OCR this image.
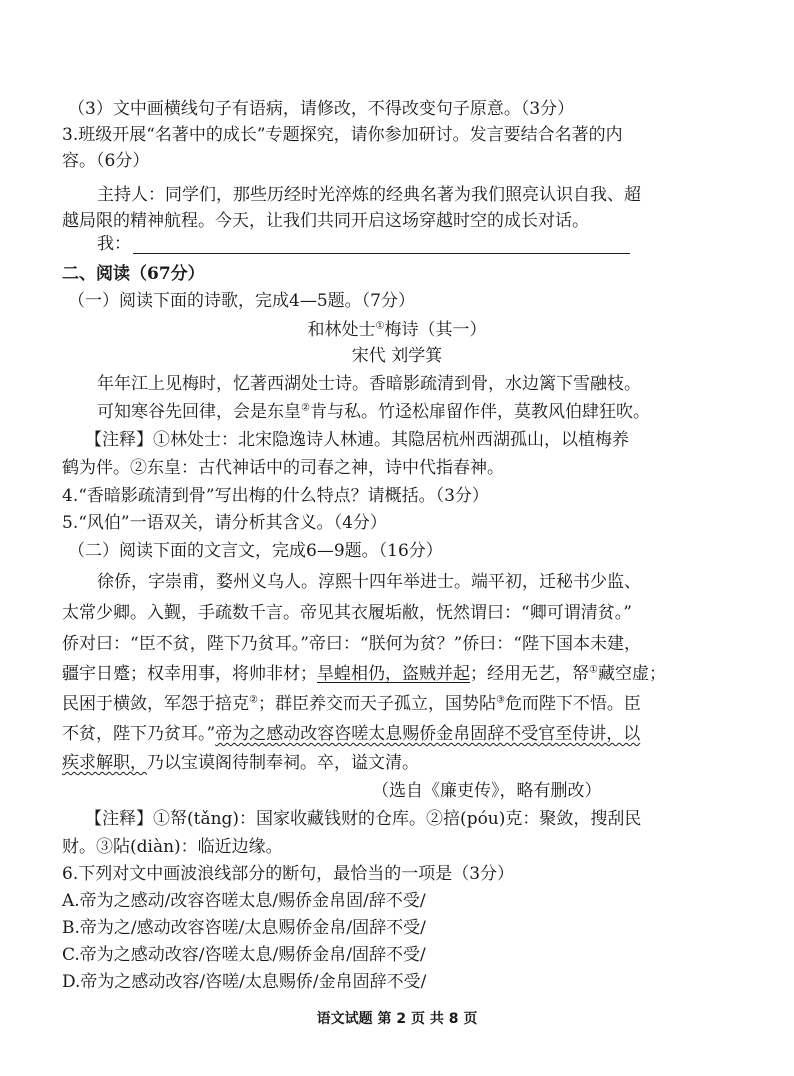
（3）文中画横线句子有语病，请修改，不得改变句子原意。（3分）
3.班级开展“名著中的成长”专题探究，请你参加研讨。发言要结合名著的内
容。（6分）
主持人：同学们，那些历经时光淬炼的经典名著为我们照亮认识自我、超
越局限的精神航程。今天，让我们共同开启这场穿越时空的成长对话。
我：
二、阅读（67分）
（一）阅读下面的诗歌，完成4—5题。（7分）
和林处士①梅诗（其一）
宋代 刘学箕
年年江上见梅时，忆著西湖处士诗。香暗影疏清到骨，水边篱下雪融枝。
可知寒谷先回律，会是东皇②肯与私。竹迳松扉留作伴，莫教风伯肆狂吹。
【注释】①林处士：北宋隐逸诗人林逋。其隐居杭州西湖孤山，以植梅养
鹤为伴。②东皇：古代神话中的司春之神，诗中代指春神。
4.“香暗影疏清到骨”写出梅的什么特点？请概括。（3分）
5.“风伯”一语双关，请分析其含义。（4分）
（二）阅读下面的文言文，完成6—9题。（16分）
徐侨，字崇甫，婺州义乌人。淳熙十四年举进士。端平初，迁秘书少监、
太常少卿。入觐，手疏数千言。帝见其衣履垢敝，怃然谓曰：“卿可谓清贫。”
侨对曰：“臣不贫，陛下乃贫耳。”帝曰：“朕何为贫？”侨曰：“陛下国本未建，
疆宇日蹙；权幸用事，将帅非材；旱蝗相仍，盗贼并起；经用无艺，帑①藏空虚；
民困于横敛，军怨于掊克②；群臣养交而天子孤立，国势阽③危而陛下不悟。臣
不贫，陛下乃贫耳。”帝为之感动改容咨嗟太息赐侨金帛固辞不受官至侍讲，以
疾求解职，乃以宝谟阁待制奉祠。卒，谥文清。
（选自《廉吏传》，略有删改）
【注释】①帑(tǎng)：国家收藏钱财的仓库。②掊(póu)克：聚敛，搜刮民
财。③阽(diàn)：临近边缘。
6.下列对文中画波浪线部分的断句，最恰当的一项是（3分）
A.帝为之感动/改容咨嗟太息/赐侨金帛固/辞不受/
B.帝为之/感动改容咨嗟/太息赐侨金帛/固辞不受/
C.帝为之感动改容/咨嗟太息/赐侨金帛/固辞不受/
D.帝为之感动改容/咨嗟/太息赐侨/金帛固辞不受/
语文试题 第 2 页 共 8 页
